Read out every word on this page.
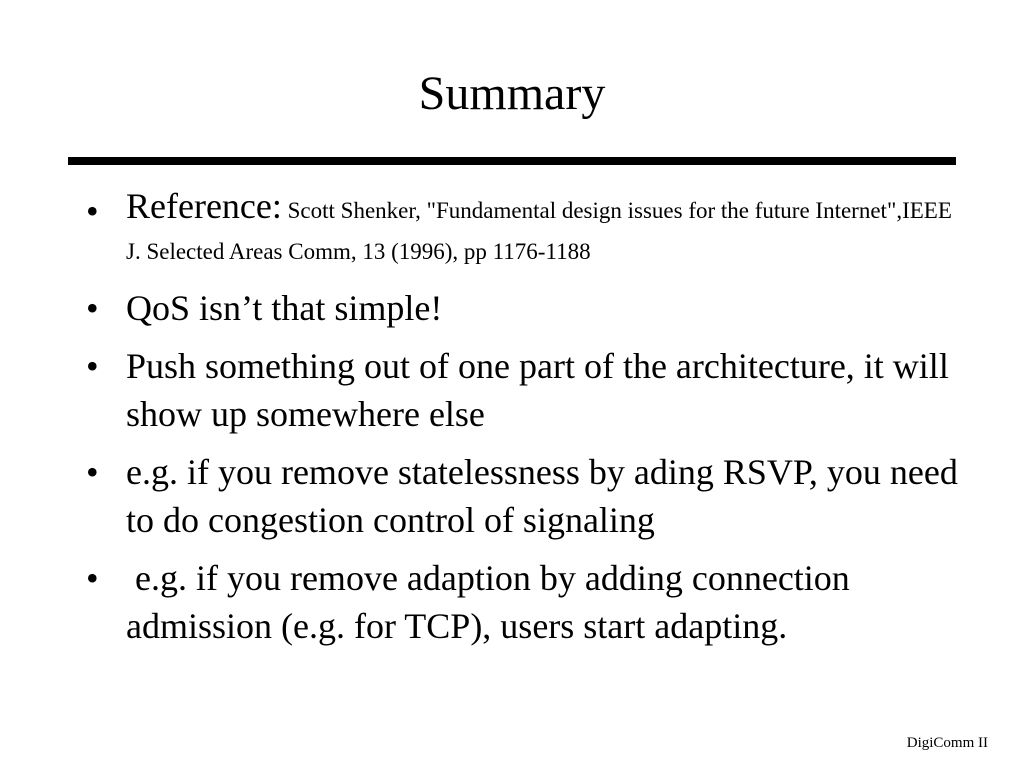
Summary
• Reference: Scott Shenker, "Fundamental design issues for the future Internet",IEEE J. Selected Areas Comm, 13 (1996), pp 1176-1188
• QoS isn’t that simple!
• Push something out of one part of the architecture, it will show up somewhere else
• e.g. if you remove statelessness by ading RSVP, you need to do congestion control of signaling
• e.g. if you remove adaption by adding connection admission (e.g. for TCP), users start adapting.
DigiComm II
